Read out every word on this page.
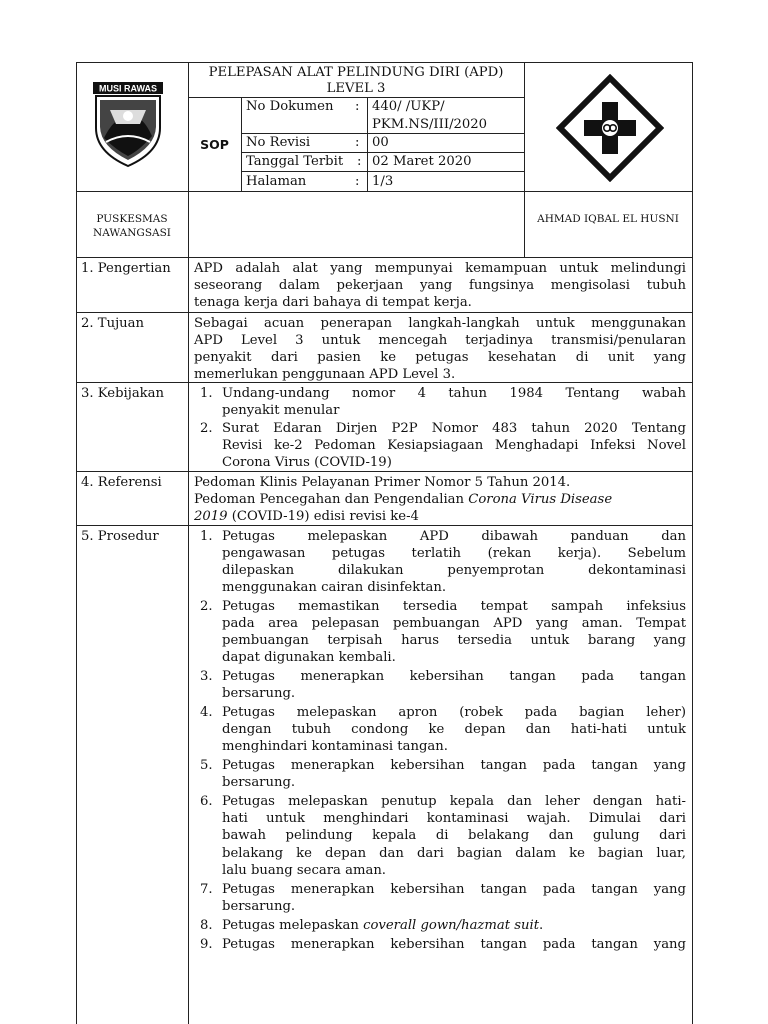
MUSI RAWAS
PELEPASAN ALAT PELINDUNG DIRI (APD)
LEVEL 3
SOP
No Dokumen : 440/ /UKP/
PKM.NS/III/2020
No Revisi	: 00
Tanggal Terbit : 02 Maret 2020
Halaman	: 1/3
PUSKESMAS
NAWANGSASI
AHMAD IQBAL EL HUSNI
1. Pengertian
2. Tujuan
3. Kebijakan
4. Referensi
5. Prosedur
APD adalah alat yang mempunyai kemampuan untuk melindungi
seseorang dalam pekerjaan yang fungsinya mengisolasi tubuh
tenaga kerja dari bahaya di tempat kerja.
Sebagai acuan penerapan langkah-langkah untuk menggunakan
APD Level 3 untuk mencegah terjadinya transmisi/penularan
penyakit dari pasien ke petugas kesehatan di unit yang
memerlukan penggunaan APD Level 3.
1. Undang-undang nomor 4 tahun 1984 Tentang wabah
penyakit menular
2. Surat Edaran Dirjen P2P Nomor 483 tahun 2020 Tentang
Revisi ke-2 Pedoman Kesiapsiagaan Menghadapi Infeksi Novel
Corona Virus (COVID-19)
Pedoman Klinis Pelayanan Primer Nomor 5 Tahun 2014.
Pedoman Pencegahan dan Pengendalian Corona Virus Disease
2019 (COVID-19) edisi revisi ke-4
1. Petugas melepaskan APD dibawah panduan dan
pengawasan petugas terlatih (rekan kerja). Sebelum
dilepaskan dilakukan penyemprotan dekontaminasi
menggunakan cairan disinfektan.
2. Petugas memastikan tersedia tempat sampah infeksius
pada area pelepasan pembuangan APD yang aman. Tempat
pembuangan terpisah harus tersedia untuk barang yang
dapat digunakan kembali.
3. Petugas menerapkan kebersihan tangan pada tangan
bersarung.
4. Petugas melepaskan apron (robek pada bagian leher)
dengan tubuh condong ke depan dan hati-hati untuk
menghindari kontaminasi tangan.
5. Petugas menerapkan kebersihan tangan pada tangan yang
bersarung.
6. Petugas melepaskan penutup kepala dan leher dengan hati-
hati untuk menghindari kontaminasi wajah. Dimulai dari
bawah pelindung kepala di belakang dan gulung dari
belakang ke depan dan dari bagian dalam ke bagian luar,
lalu buang secara aman.
7. Petugas menerapkan kebersihan tangan pada tangan yang
bersarung.
8. Petugas melepaskan coverall gown/hazmat suit.
9. Petugas menerapkan kebersihan tangan pada tangan yang
